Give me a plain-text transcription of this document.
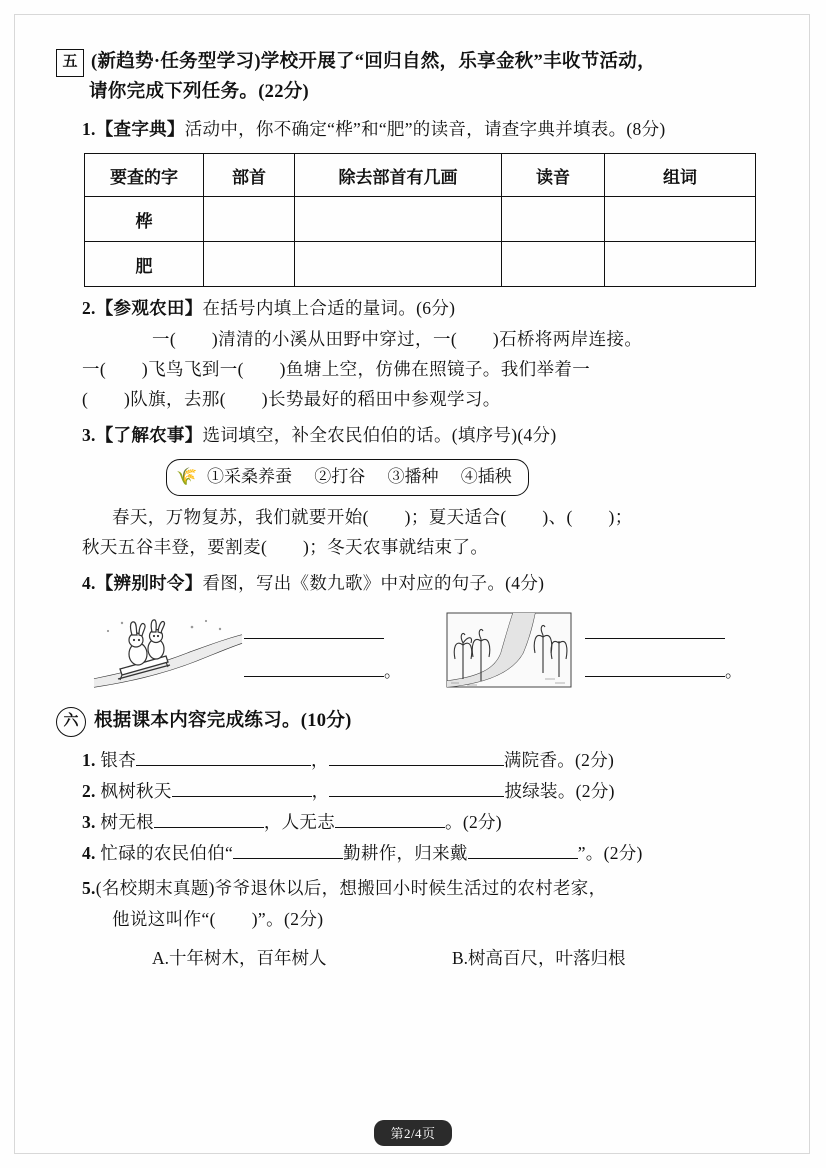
五 (新趋势·任务型学习)学校开展了“回归自然，乐享金秋”丰收节活动，
请你完成下列任务。(22分)
1.【查字典】活动中，你不确定“桦”和“肥”的读音，请查字典并填表。(8分)
要查的字	部首	除去部首有几画	读音	组词
桦				
肥				
2.【参观农田】在括号内填上合适的量词。(6分)
一(　　)清清的小溪从田野中穿过，一(　　)石桥将两岸连接。
一(　　)飞鸟飞到一(　　)鱼塘上空，仿佛在照镜子。我们举着一
(　　)队旗，去那(　　)长势最好的稻田中参观学习。
3.【了解农事】选词填空，补全农民伯伯的话。(填序号)(4分)
🌾 ①采桑养蚕 ②打谷 ③播种 ④插秧
春天，万物复苏，我们就要开始(　　)；夏天适合(　　)、(　　)；
秋天五谷丰登，要割麦(　　)；冬天农事就结束了。
4.【辨别时令】看图，写出《数九歌》中对应的句子。(4分)
。	。
六 根据课本内容完成练习。(10分)
1. 银杏	，	满院香。(2分)
2. 枫树秋天	，	披绿装。(2分)
3. 树无根	，人无志	。(2分)
4. 忙碌的农民伯伯“	勤耕作，归来戴	”。(2分)
5.(名校期末真题)爷爷退休以后，想搬回小时候生活过的农村老家，
他说这叫作“(　　)”。(2分)
A.十年树木，百年树人	B.树高百尺，叶落归根
第2/4页
